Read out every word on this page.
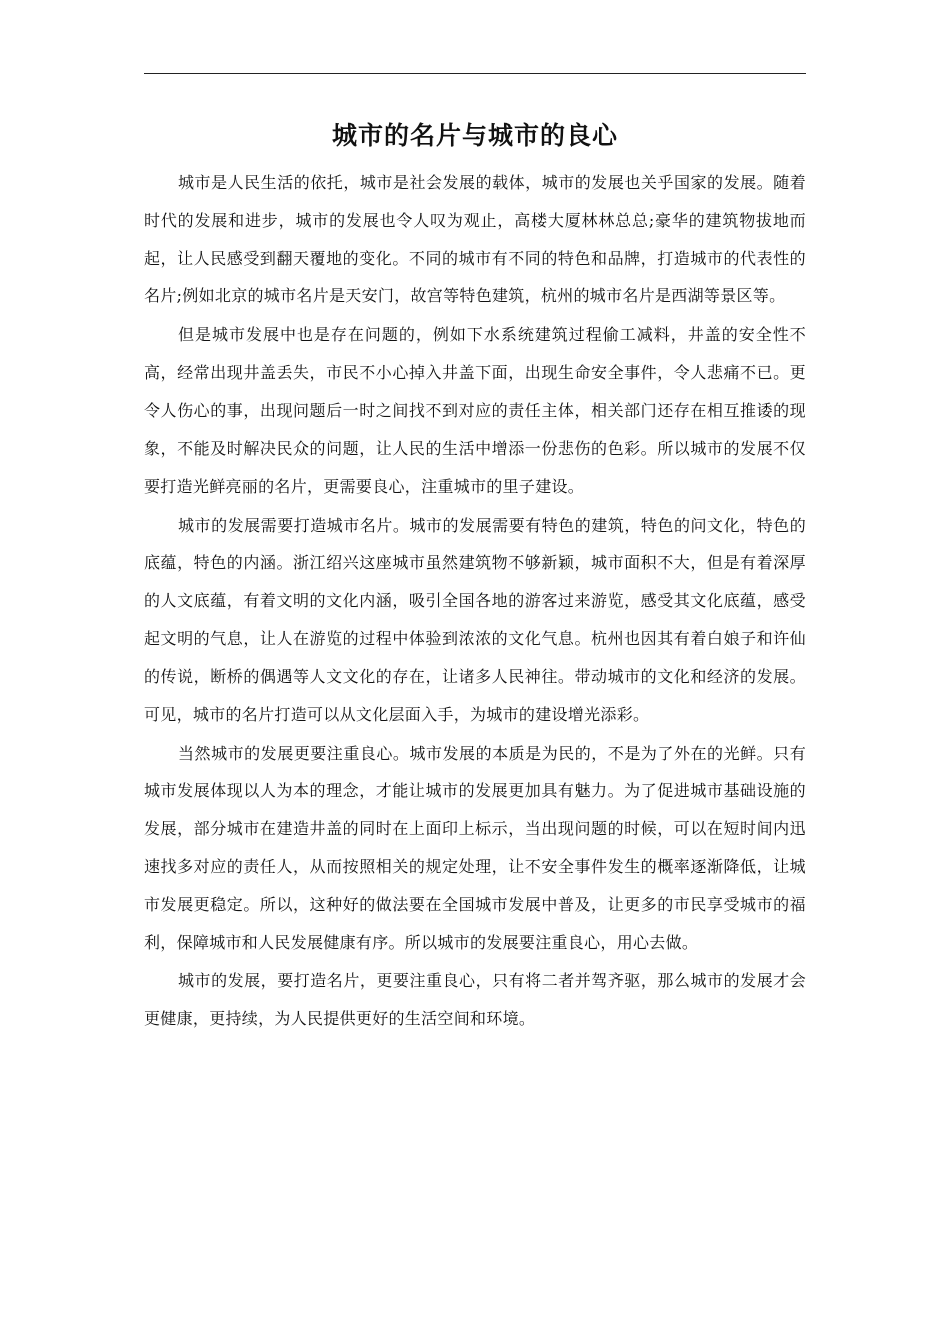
城市的名片与城市的良心

城市是人民生活的依托，城市是社会发展的载体，城市的发展也关乎国家的发展。随着时代的发展和进步，城市的发展也令人叹为观止，高楼大厦林林总总;豪华的建筑物拔地而起，让人民感受到翻天覆地的变化。不同的城市有不同的特色和品牌，打造城市的代表性的名片;例如北京的城市名片是天安门，故宫等特色建筑，杭州的城市名片是西湖等景区等。

但是城市发展中也是存在问题的，例如下水系统建筑过程偷工减料，井盖的安全性不高，经常出现井盖丢失，市民不小心掉入井盖下面，出现生命安全事件，令人悲痛不已。更令人伤心的事，出现问题后一时之间找不到对应的责任主体，相关部门还存在相互推诿的现象，不能及时解决民众的问题，让人民的生活中增添一份悲伤的色彩。所以城市的发展不仅要打造光鲜亮丽的名片，更需要良心，注重城市的里子建设。

城市的发展需要打造城市名片。城市的发展需要有特色的建筑，特色的问文化，特色的底蕴，特色的内涵。浙江绍兴这座城市虽然建筑物不够新颖，城市面积不大，但是有着深厚的人文底蕴，有着文明的文化内涵，吸引全国各地的游客过来游览，感受其文化底蕴，感受起文明的气息，让人在游览的过程中体验到浓浓的文化气息。杭州也因其有着白娘子和许仙的传说，断桥的偶遇等人文文化的存在，让诸多人民神往。带动城市的文化和经济的发展。可见，城市的名片打造可以从文化层面入手，为城市的建设增光添彩。

当然城市的发展更要注重良心。城市发展的本质是为民的，不是为了外在的光鲜。只有城市发展体现以人为本的理念，才能让城市的发展更加具有魅力。为了促进城市基础设施的发展，部分城市在建造井盖的同时在上面印上标示，当出现问题的时候，可以在短时间内迅速找多对应的责任人，从而按照相关的规定处理，让不安全事件发生的概率逐渐降低，让城市发展更稳定。所以，这种好的做法要在全国城市发展中普及，让更多的市民享受城市的福利，保障城市和人民发展健康有序。所以城市的发展要注重良心，用心去做。

城市的发展，要打造名片，更要注重良心，只有将二者并驾齐驱，那么城市的发展才会更健康，更持续，为人民提供更好的生活空间和环境。
